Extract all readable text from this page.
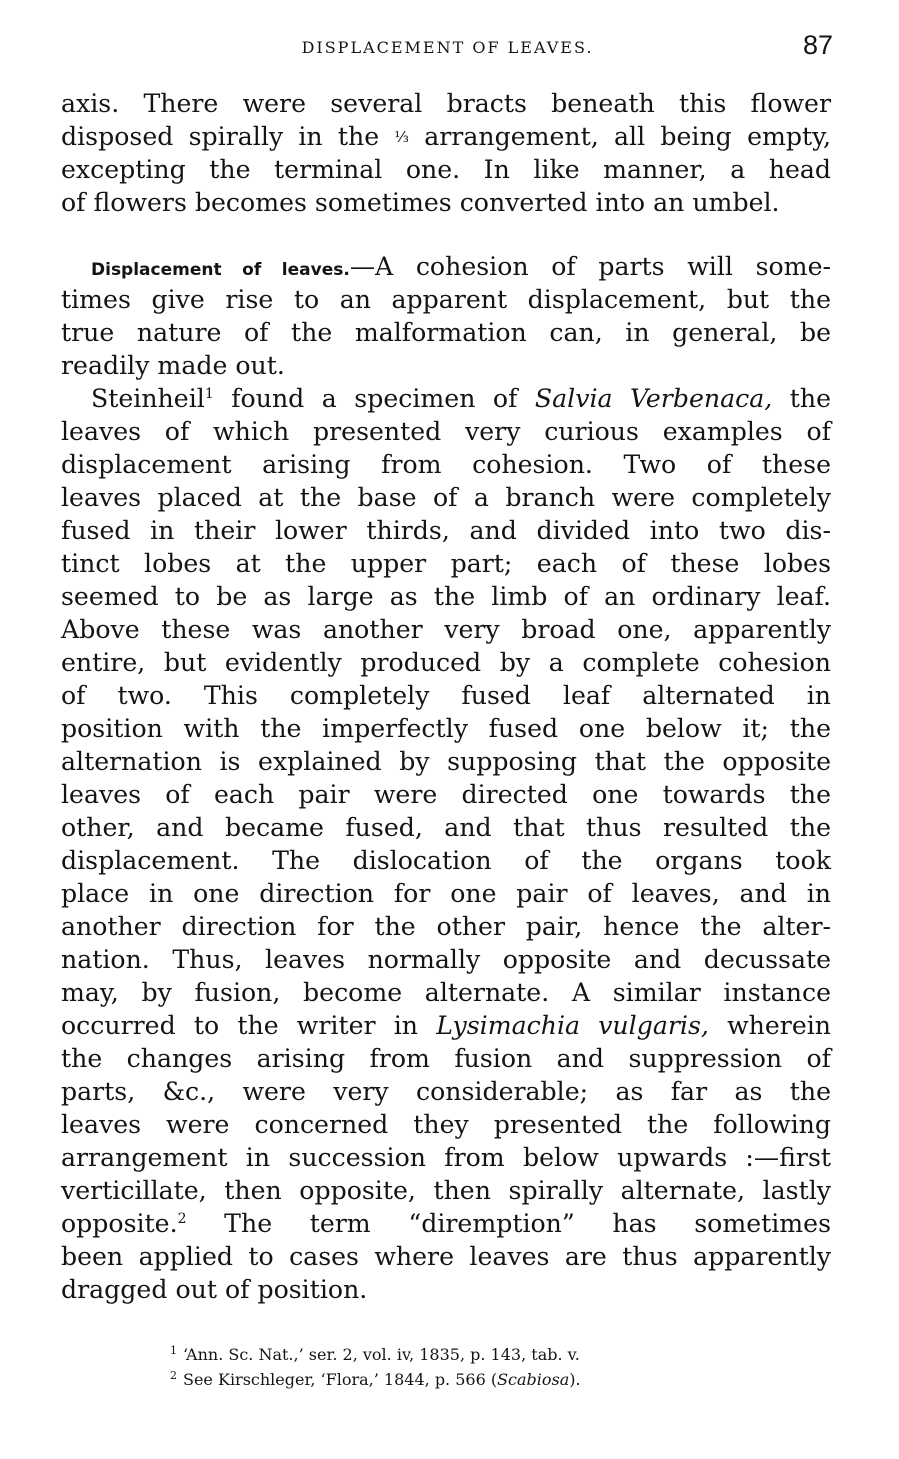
DISPLACEMENT OF LEAVES.	87
axis. There were several bracts beneath this flower
disposed spirally in the ⅓ arrangement, all being empty,
excepting the terminal one. In like manner, a head
of flowers becomes sometimes converted into an umbel.
Displacement of leaves.—A cohesion of parts will some-
times give rise to an apparent displacement, but the
true nature of the malformation can, in general, be
readily made out.
Steinheil$^1$ found a specimen of Salvia Verbenaca, the
leaves of which presented very curious examples of
displacement arising from cohesion. Two of these
leaves placed at the base of a branch were completely
fused in their lower thirds, and divided into two dis-
tinct lobes at the upper part; each of these lobes
seemed to be as large as the limb of an ordinary leaf.
Above these was another very broad one, apparently
entire, but evidently produced by a complete cohesion
of two. This completely fused leaf alternated in
position with the imperfectly fused one below it; the
alternation is explained by supposing that the opposite
leaves of each pair were directed one towards the
other, and became fused, and that thus resulted the
displacement. The dislocation of the organs took
place in one direction for one pair of leaves, and in
another direction for the other pair, hence the alter-
nation. Thus, leaves normally opposite and decussate
may, by fusion, become alternate. A similar instance
occurred to the writer in Lysimachia vulgaris, wherein
the changes arising from fusion and suppression of
parts, &c., were very considerable; as far as the
leaves were concerned they presented the following
arrangement in succession from below upwards :—first
verticillate, then opposite, then spirally alternate, lastly
opposite.$^2$ The term “diremption” has sometimes
been applied to cases where leaves are thus apparently
dragged out of position.
$^1$ ‘Ann. Sc. Nat.,’ ser. 2, vol. iv, 1835, p. 143, tab. v.
$^2$ See Kirschleger, ‘Flora,’ 1844, p. 566 (Scabiosa).
